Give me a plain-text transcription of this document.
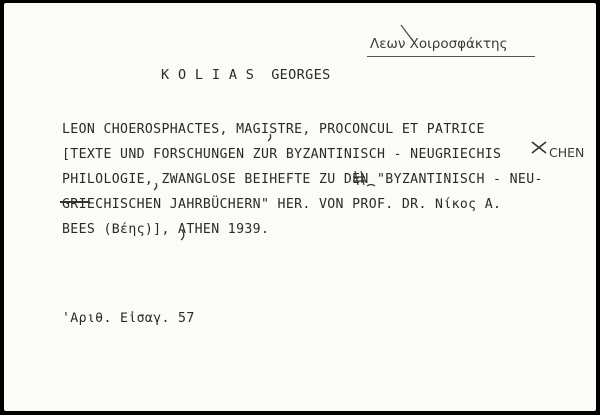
Λεων Χοιροσφάκτης
K O L I A S  GEORGES
LEON CHOEROSPHACTES, MAGISTRE, PROCONCUL ET PATRICE
[TEXTE UND FORSCHUNGEN ZUR BYZANTINISCH - NEUGRIECHIS
PHILOLOGIE, ZWANGLOSE BEIHEFTE ZU DEN "BYZANTINISCH - NEU-
GRIECHISCHEN JAHRBÜCHERN" HER. VON PROF. DR. Νίκος A.
BEES (Βέης)], ATHEN 1939.
CHEN
'Αριθ. Εἰσαγ. 57
